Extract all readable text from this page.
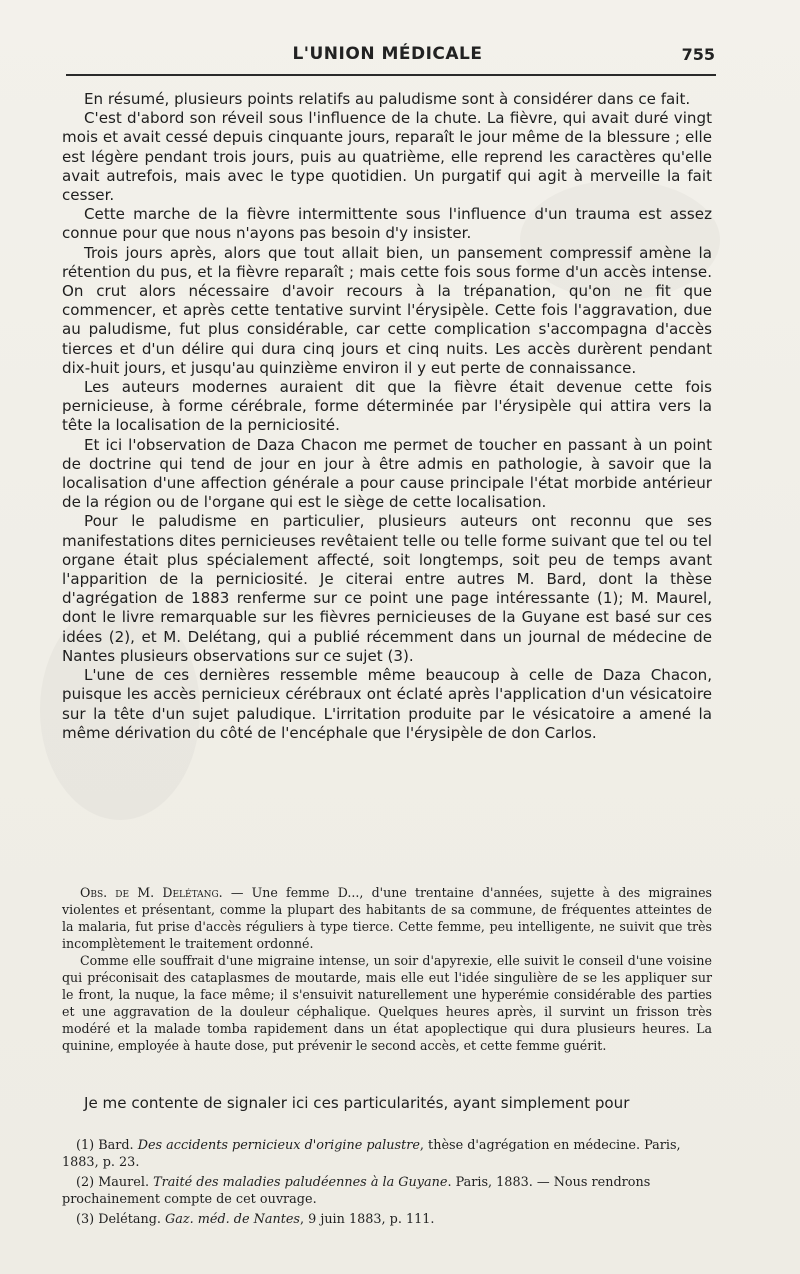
L'UNION MÉDICALE	755

En résumé, plusieurs points relatifs au paludisme sont à considérer dans ce fait.

C'est d'abord son réveil sous l'influence de la chute. La fièvre, qui avait duré vingt mois et avait cessé depuis cinquante jours, reparaît le jour même de la blessure ; elle est légère pendant trois jours, puis au quatrième, elle reprend les caractères qu'elle avait autrefois, mais avec le type quotidien. Un purgatif qui agit à merveille la fait cesser.

Cette marche de la fièvre intermittente sous l'influence d'un trauma est assez connue pour que nous n'ayons pas besoin d'y insister.

Trois jours après, alors que tout allait bien, un pansement compressif amène la rétention du pus, et la fièvre reparaît ; mais cette fois sous forme d'un accès intense. On crut alors nécessaire d'avoir recours à la trépanation, qu'on ne fit que commencer, et après cette tentative survint l'érysipèle. Cette fois l'aggravation, due au paludisme, fut plus considérable, car cette complication s'accompagna d'accès tierces et d'un délire qui dura cinq jours et cinq nuits. Les accès durèrent pendant dix-huit jours, et jusqu'au quinzième environ il y eut perte de connaissance.

Les auteurs modernes auraient dit que la fièvre était devenue cette fois pernicieuse, à forme cérébrale, forme déterminée par l'érysipèle qui attira vers la tête la localisation de la perniciosité.

Et ici l'observation de Daza Chacon me permet de toucher en passant à un point de doctrine qui tend de jour en jour à être admis en pathologie, à savoir que la localisation d'une affection générale a pour cause principale l'état morbide antérieur de la région ou de l'organe qui est le siège de cette localisation.

Pour le paludisme en particulier, plusieurs auteurs ont reconnu que ses manifestations dites pernicieuses revêtaient telle ou telle forme suivant que tel ou tel organe était plus spécialement affecté, soit longtemps, soit peu de temps avant l'apparition de la perniciosité. Je citerai entre autres M. Bard, dont la thèse d'agrégation de 1883 renferme sur ce point une page intéressante (1); M. Maurel, dont le livre remarquable sur les fièvres pernicieuses de la Guyane est basé sur ces idées (2), et M. Delétang, qui a publié récemment dans un journal de médecine de Nantes plusieurs observations sur ce sujet (3).

L'une de ces dernières ressemble même beaucoup à celle de Daza Chacon, puisque les accès pernicieux cérébraux ont éclaté après l'application d'un vésicatoire sur la tête d'un sujet paludique. L'irritation produite par le vésicatoire a amené la même dérivation du côté de l'encéphale que l'érysipèle de don Carlos.

Obs. de M. Delétang. — Une femme D..., d'une trentaine d'années, sujette à des migraines violentes et présentant, comme la plupart des habitants de sa commune, de fréquentes atteintes de la malaria, fut prise d'accès réguliers à type tierce. Cette femme, peu intelligente, ne suivit que très incomplètement le traitement ordonné.

Comme elle souffrait d'une migraine intense, un soir d'apyrexie, elle suivit le conseil d'une voisine qui préconisait des cataplasmes de moutarde, mais elle eut l'idée singulière de se les appliquer sur le front, la nuque, la face même; il s'ensuivit naturellement une hyperémie considérable des parties et une aggravation de la douleur céphalique. Quelques heures après, il survint un frisson très modéré et la malade tomba rapidement dans un état apoplectique qui dura plusieurs heures. La quinine, employée à haute dose, put prévenir le second accès, et cette femme guérit.

Je me contente de signaler ici ces particularités, ayant simplement pour

(1) Bard. Des accidents pernicieux d'origine palustre, thèse d'agrégation en médecine. Paris, 1883, p. 23.

(2) Maurel. Traité des maladies paludéennes à la Guyane. Paris, 1883. — Nous rendrons prochainement compte de cet ouvrage.

(3) Delétang. Gaz. méd. de Nantes, 9 juin 1883, p. 111.
